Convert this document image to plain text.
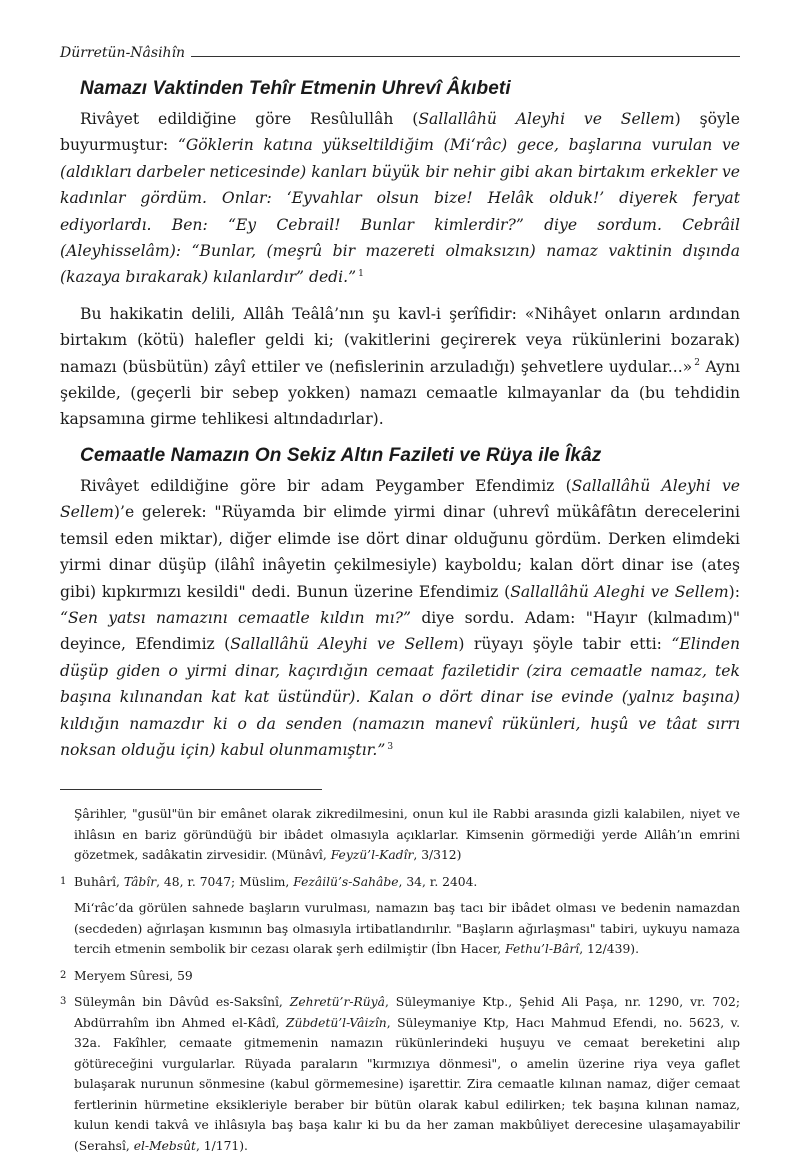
Dürretün-Nâsihîn
Namazı Vaktinden Tehîr Etmenin Uhrevî Âkıbeti

Rivâyet edildiğine göre Resûlullâh (Sallallâhü Aleyhi ve Sellem) şöyle buyurmuştur: “Göklerin katına yükseltildiğim (Mi‘râc) gece, başlarına vurulan ve (aldıkları darbeler neticesinde) kanları büyük bir nehir gibi akan birtakım erkekler ve kadınlar gördüm. Onlar: ‘Eyvahlar olsun bize! Helâk olduk!’ diyerek feryat ediyorlardı. Ben: “Ey Cebrail! Bunlar kimlerdir?” diye sordum. Cebrâil (Aleyhisselâm): “Bunlar, (meşrû bir mazereti olmaksızın) namaz vaktinin dışında (kazaya bırakarak) kılanlardır” dedi.” $^1$

Bu hakikatin delili, Allâh Teâlâ’nın şu kavl-i şerîfidir: «Nihâyet onların ardından birtakım (kötü) halefler geldi ki; (vakitlerini geçirerek veya rükünlerini bozarak) namazı (büsbütün) zâyî ettiler ve (nefislerinin arzuladığı) şehvetlere uydular...» $^2$ Aynı şekilde, (geçerli bir sebep yokken) namazı cemaatle kılmayanlar da (bu tehdidin kapsamına girme tehlikesi altındadırlar).

Cemaatle Namazın On Sekiz Altın Fazileti ve Rüya ile Îkâz

Rivâyet edildiğine göre bir adam Peygamber Efendimiz (Sallallâhü Aleyhi ve Sellem)’e gelerek: "Rüyamda bir elimde yirmi dinar (uhrevî mükâfâtın derecelerini temsil eden miktar), diğer elimde ise dört dinar olduğunu gördüm. Derken elimdeki yirmi dinar düşüp (ilâhî inâyetin çekilmesiyle) kayboldu; kalan dört dinar ise (ateş gibi) kıpkırmızı kesildi" dedi. Bunun üzerine Efendimiz (Sallallâhü Aleghi ve Sellem): “Sen yatsı namazını cemaatle kıldın mı?” diye sordu. Adam: "Hayır (kılmadım)" deyince, Efendimiz (Sallallâhü Aleyhi ve Sellem) rüyayı şöyle tabir etti: “Elinden düşüp giden o yirmi dinar, kaçırdığın cemaat faziletidir (zira cemaatle namaz, tek başına kılınandan kat kat üstündür). Kalan o dört dinar ise evinde (yalnız başına) kıldığın namazdır ki o da senden (namazın manevî rükünleri, huşû ve tâat sırrı noksan olduğu için) kabul olunmamıştır.” $^3$

Şârihler, "gusül"ün bir emânet olarak zikredilmesini, onun kul ile Rabbi arasında gizli kalabilen, niyet ve ihlâsın en bariz göründüğü bir ibâdet olmasıyla açıklarlar. Kimsenin görmediği yerde Allâh’ın emrini gözetmek, sadâkatin zirvesidir. (Münâvî, Feyzü’l-Kadîr, 3/312)

1 Buhârî, Tâbîr, 48, r. 7047; Müslim, Fezâilü’s-Sahâbe, 34, r. 2404.

Mi‘râc’da görülen sahnede başların vurulması, namazın baş tacı bir ibâdet olması ve bedenin namazdan (secdeden) ağırlaşan kısmının baş olmasıyla irtibatlandırılır. "Başların ağırlaşması" tabiri, uykuyu namaza tercih etmenin sembolik bir cezası olarak şerh edilmiştir (İbn Hacer, Fethu’l-Bârî, 12/439).

2 Meryem Sûresi, 59
3 Süleymân bin Dâvûd es-Saksînî, Zehretü’r-Rüyâ, Süleymaniye Ktp., Şehid Ali Paşa, nr. 1290, vr. 702; Abdürrahîm ibn Ahmed el-Kâdî, Zübdetü’l-Vâizîn, Süleymaniye Ktp, Hacı Mahmud Efendi, no. 5623, v. 32a. Fakîhler, cemaate gitmemenin namazın rükünlerindeki huşuyu ve cemaat bereketini alıp götüreceğini vurgularlar. Rüyada paraların "kırmızıya dönmesi", o amelin üzerine riya veya gaflet bulaşarak nurunun sönmesine (kabul görmemesine) işarettir. Zira cemaatle kılınan namaz, diğer cemaat fertlerinin hürmetine eksikleriyle beraber bir bütün olarak kabul edilirken; tek başına kılınan namaz, kulun kendi takvâ ve ihlâsıyla baş başa kalır ki bu da her zaman makbûliyet derecesine ulaşamayabilir (Serahsî, el-Mebsût, 1/171).
